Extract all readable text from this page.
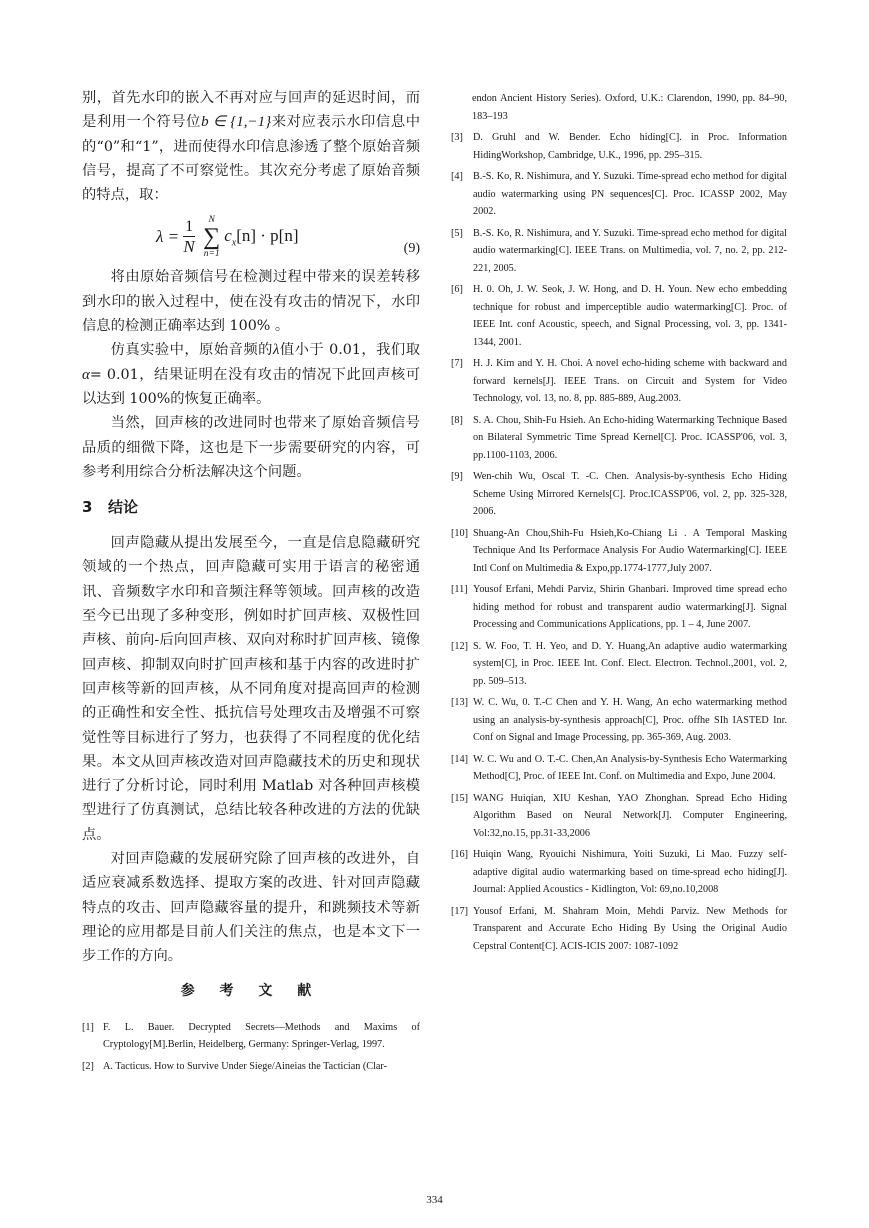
别，首先水印的嵌入不再对应与回声的延迟时间，而是利用一个符号位b ∈ {1,−1}来对应表示水印信息中的“0”和“1”，进而使得水印信息渗透了整个原始音频信号，提高了不可察觉性。其次充分考虑了原始音频的特点，取：

$\lambda = \frac{1}{N}$ N
∑
n=1
$c_x[n] \cdot p[n]$
(9)

将由原始音频信号在检测过程中带来的误差转移到水印的嵌入过程中，使在没有攻击的情况下，水印信息的检测正确率达到 100% 。

仿真实验中，原始音频的λ值小于 0.01，我们取α= 0.01，结果证明在没有攻击的情况下此回声核可以达到 100%的恢复正确率。

当然，回声核的改进同时也带来了原始音频信号品质的细微下降，这也是下一步需要研究的内容，可参考利用综合分析法解决这个问题。

3 结论

回声隐藏从提出发展至今，一直是信息隐藏研究领域的一个热点，回声隐藏可实用于语言的秘密通讯、音频数字水印和音频注释等领域。回声核的改造至今已出现了多种变形，例如时扩回声核、双极性回声核、前向-后向回声核、双向对称时扩回声核、镜像回声核、抑制双向时扩回声核和基于内容的改进时扩回声核等新的回声核，从不同角度对提高回声的检测的正确性和安全性、抵抗信号处理攻击及增强不可察觉性等目标进行了努力，也获得了不同程度的优化结果。本文从回声核改造对回声隐藏技术的历史和现状进行了分析讨论，同时利用 Matlab 对各种回声核模型进行了仿真测试，总结比较各种改进的方法的优缺点。

对回声隐藏的发展研究除了回声核的改进外，自适应衰减系数选择、提取方案的改进、针对回声隐藏特点的攻击、回声隐藏容量的提升，和跳频技术等新理论的应用都是目前人们关注的焦点，也是本文下一步工作的方向。

参 考 文 献
[1] F. L. Bauer. Decrypted Secrets—Methods and Maxims of Cryptology[M].Berlin, Heidelberg, Germany: Springer-Verlag, 1997.
[2] A. Tacticus. How to Survive Under Siege/Aineias the Tactician (Clar-
endon Ancient History Series). Oxford, U.K.: Clarendon, 1990, pp. 84–90, 183–193
[3] D. Gruhl and W. Bender. Echo hiding[C]. in Proc. Information HidingWorkshop, Cambridge, U.K., 1996, pp. 295–315.
[4] B.-S. Ko, R. Nishimura, and Y. Suzuki. Time-spread echo method for digital audio watermarking using PN sequences[C]. Proc. ICASSP 2002, May 2002.
[5] B.-S. Ko, R. Nishimura, and Y. Suzuki. Time-spread echo method for digital audio watermarking[C]. IEEE Trans. on Multimedia, vol. 7, no. 2, pp. 212-221, 2005.
[6] H. 0. Oh, J. W. Seok, J. W. Hong, and D. H. Youn. New echo embedding technique for robust and imperceptible audio watermarking[C]. Proc. of IEEE Int. conf Acoustic, speech, and Signal Processing, vol. 3, pp. 1341-1344, 2001.
[7] H. J. Kim and Y. H. Choi. A novel echo-hiding scheme with backward and forward kernels[J]. IEEE Trans. on Circuit and System for Video Technology, vol. 13, no. 8, pp. 885-889, Aug.2003.
[8] S. A. Chou, Shih-Fu Hsieh. An Echo-hiding Watermarking Technique Based on Bilateral Symmetric Time Spread Kernel[C]. Proc. ICASSP'06, vol. 3, pp.1100-1103, 2006.
[9] Wen-chih Wu, Oscal T. -C. Chen. Analysis-by-synthesis Echo Hiding Scheme Using Mirrored Kernels[C]. Proc.ICASSP'06, vol. 2, pp. 325-328, 2006.
[10] Shuang-An Chou,Shih-Fu Hsieh,Ko-Chiang Li . A Temporal Masking Technique And Its Performace Analysis For Audio Watermarking[C]. IEEE Intl Conf on Multimedia & Expo,pp.1774-1777,July 2007.
[11] Yousof Erfani, Mehdi Parviz, Shirin Ghanbari. Improved time spread echo hiding method for robust and transparent audio watermarking[J]. Signal Processing and Communications Applications, pp. 1 – 4, June 2007.
[12] S. W. Foo, T. H. Yeo, and D. Y. Huang,An adaptive audio watermarking system[C], in Proc. IEEE Int. Conf. Elect. Electron. Technol.,2001, vol. 2, pp. 509–513.
[13] W. C. Wu, 0. T.-C Chen and Y. H. Wang, An echo watermarking method using an analysis-by-synthesis approach[C], Proc. offhe SIh IASTED Inr. Conf on Signal and Image Processing, pp. 365-369, Aug. 2003.
[14] W. C. Wu and O. T.-C. Chen,An Analysis-by-Synthesis Echo Watermarking Method[C], Proc. of IEEE Int. Conf. on Multimedia and Expo, June 2004.
[15] WANG Huiqian, XIU Keshan, YAO Zhonghan. Spread Echo Hiding Algorithm Based on Neural Network[J]. Computer Engineering, Vol:32,no.15, pp.31-33,2006
[16] Huiqin Wang, Ryouichi Nishimura, Yoiti Suzuki, Li Mao. Fuzzy self-adaptive digital audio watermarking based on time-spread echo hiding[J]. Journal: Applied Acoustics - Kidlington, Vol: 69,no.10,2008
[17] Yousof Erfani, M. Shahram Moin, Mehdi Parviz. New Methods for Transparent and Accurate Echo Hiding By Using the Original Audio Cepstral Content[C]. ACIS-ICIS 2007: 1087-1092
334
